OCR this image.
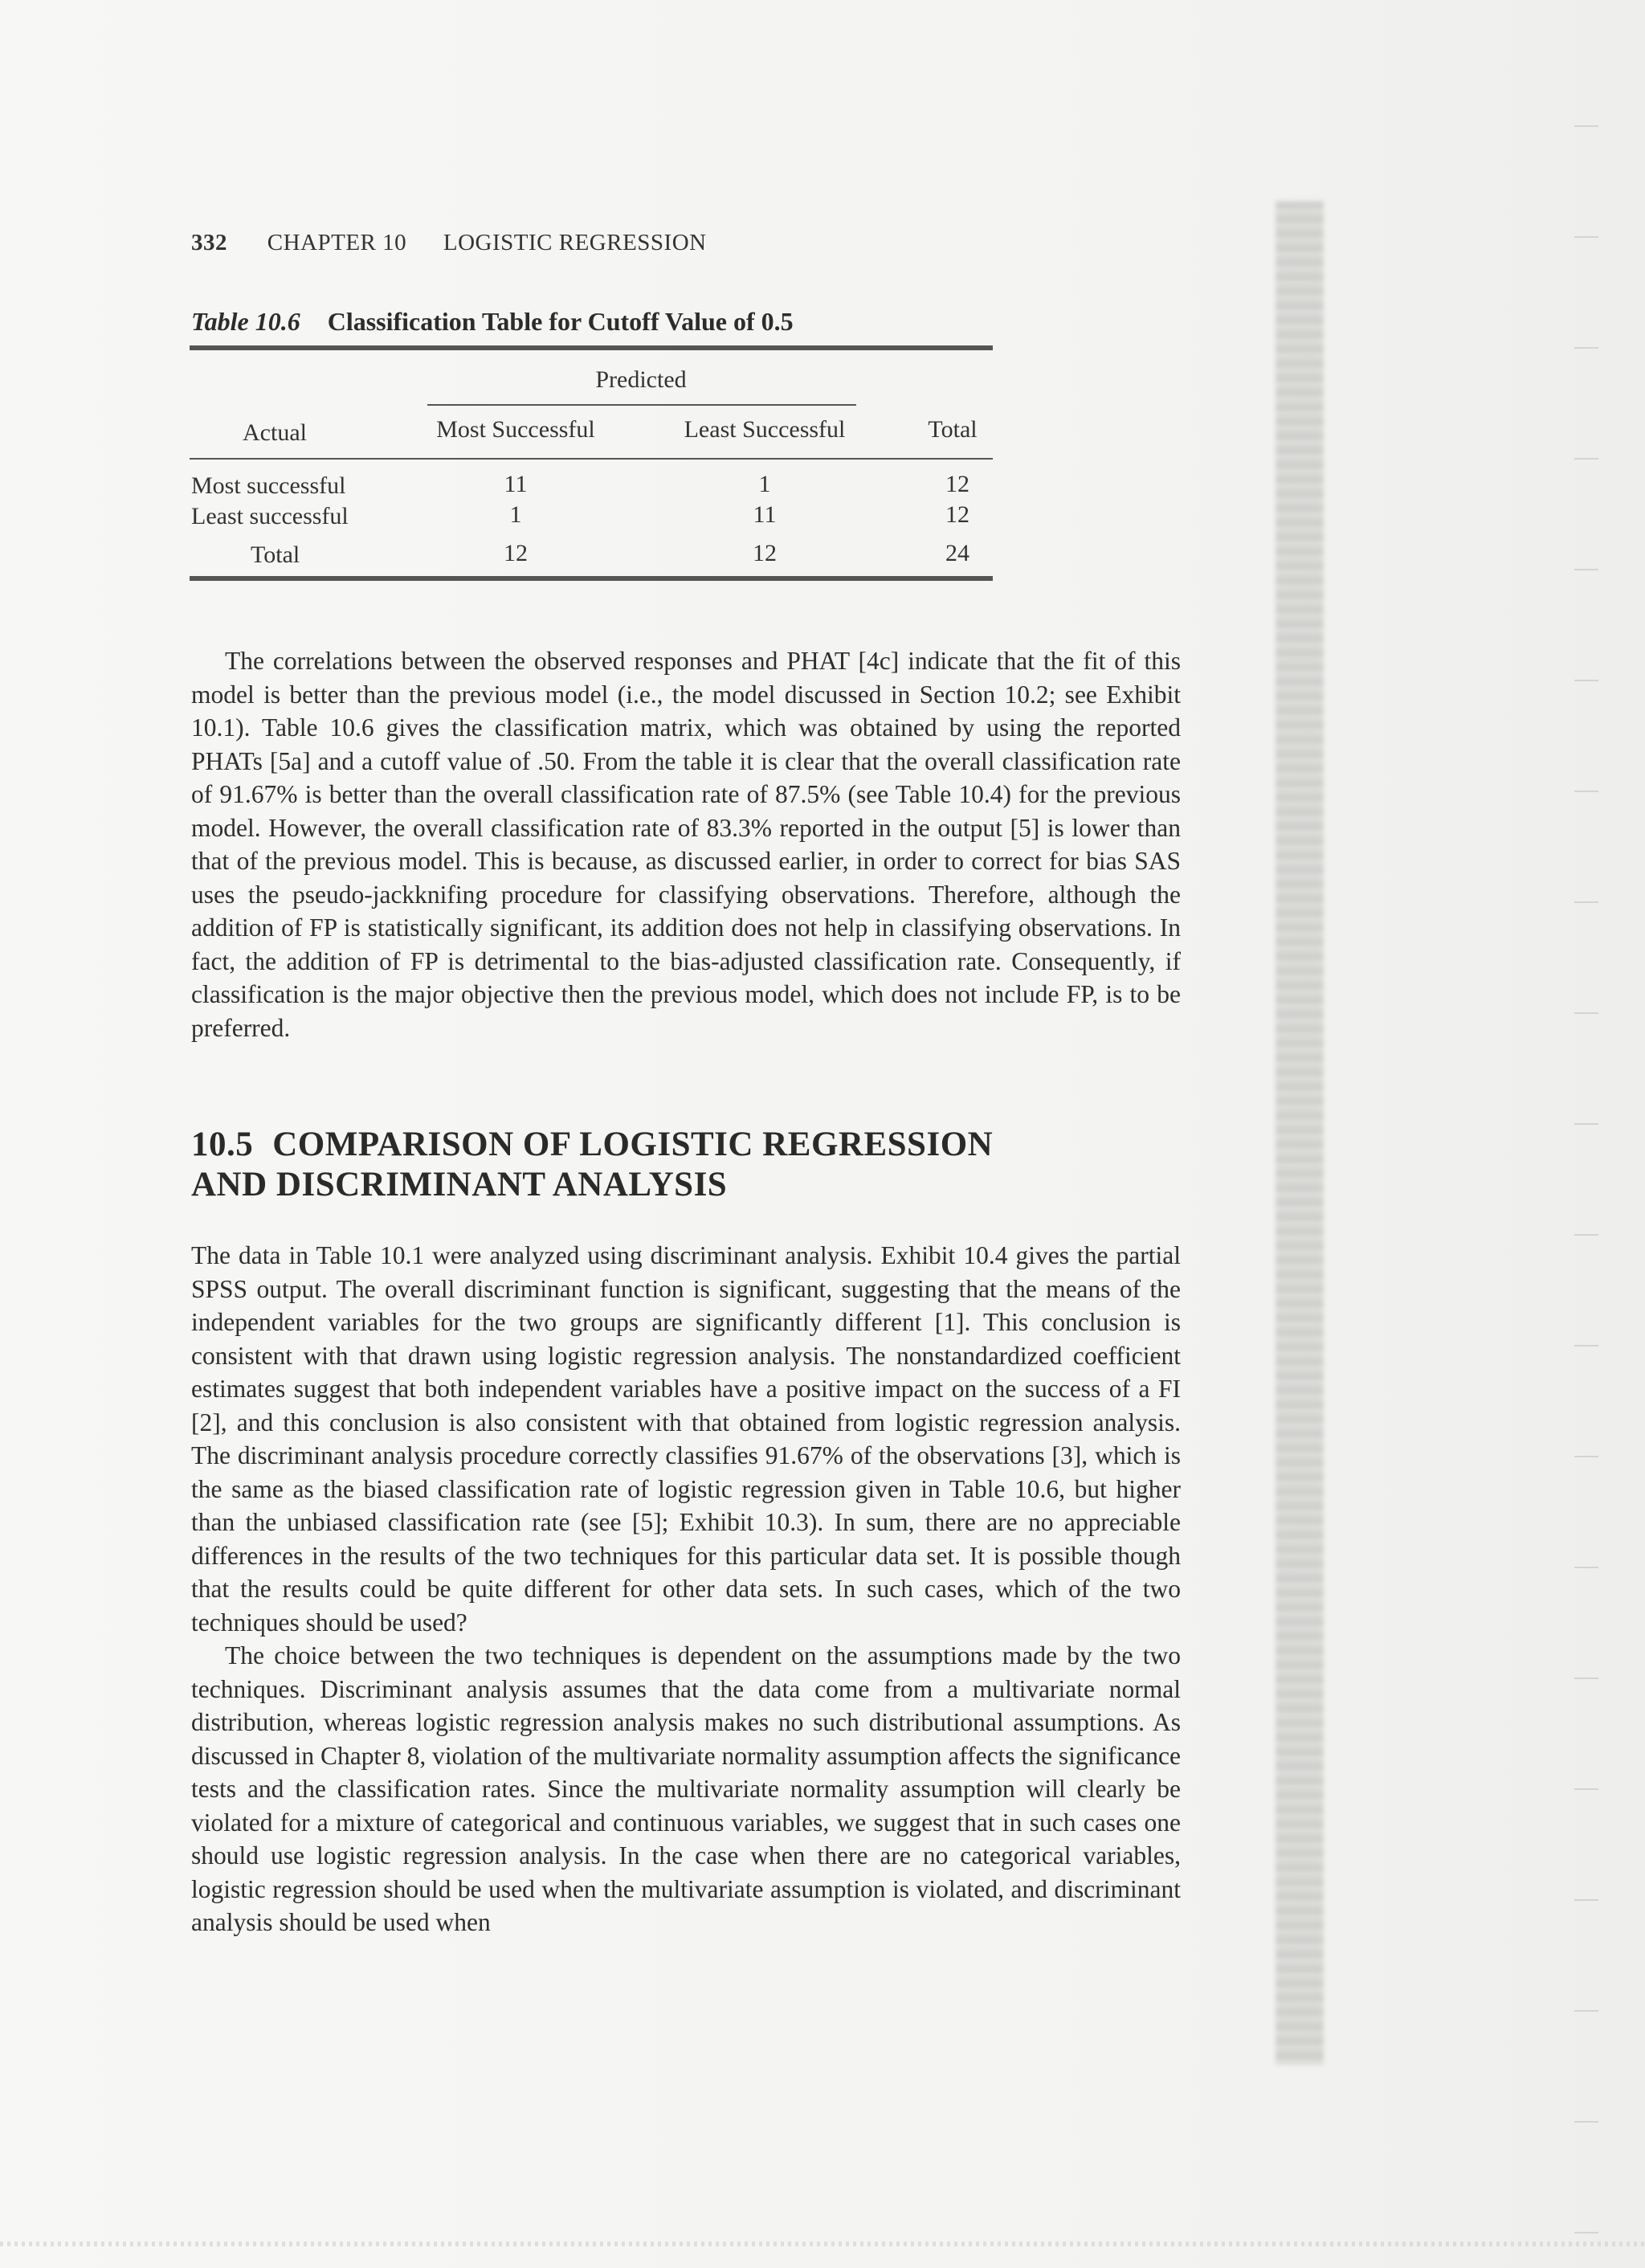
332 CHAPTER 10 LOGISTIC REGRESSION
Table 10.6 Classification Table for Cutoff Value of 0.5
Predicted
Actual	Most Successful	Least Successful	Total
Most successful	11	1	12
Least successful	1	11	12
Total	12	12	24

The correlations between the observed responses and PHAT [4c] indicate that the fit of this model is better than the previous model (i.e., the model discussed in Section 10.2; see Exhibit 10.1). Table 10.6 gives the classification matrix, which was obtained by using the reported PHATs [5a] and a cutoff value of .50. From the table it is clear that the overall classification rate of 91.67% is better than the overall classification rate of 87.5% (see Table 10.4) for the previous model. However, the overall classification rate of 83.3% reported in the output [5] is lower than that of the previous model. This is because, as discussed earlier, in order to correct for bias SAS uses the pseudo-jackknifing procedure for classifying observations. Therefore, although the addition of FP is statistically significant, its addition does not help in classifying observations. In fact, the addition of FP is detrimental to the bias-adjusted classification rate. Consequently, if classification is the major objective then the previous model, which does not include FP, is to be preferred.

10.5 COMPARISON OF LOGISTIC REGRESSION
AND DISCRIMINANT ANALYSIS

The data in Table 10.1 were analyzed using discriminant analysis. Exhibit 10.4 gives the partial SPSS output. The overall discriminant function is significant, suggesting that the means of the independent variables for the two groups are significantly different [1]. This conclusion is consistent with that drawn using logistic regression analysis. The nonstandardized coefficient estimates suggest that both independent variables have a positive impact on the success of a FI [2], and this conclusion is also consistent with that obtained from logistic regression analysis. The discriminant analysis procedure correctly classifies 91.67% of the observations [3], which is the same as the biased classification rate of logistic regression given in Table 10.6, but higher than the unbiased classification rate (see [5]; Exhibit 10.3). In sum, there are no appreciable differences in the results of the two techniques for this particular data set. It is possible though that the results could be quite different for other data sets. In such cases, which of the two techniques should be used?

The choice between the two techniques is dependent on the assumptions made by the two techniques. Discriminant analysis assumes that the data come from a multivariate normal distribution, whereas logistic regression analysis makes no such distributional assumptions. As discussed in Chapter 8, violation of the multivariate normality assumption affects the significance tests and the classification rates. Since the multivariate normality assumption will clearly be violated for a mixture of categorical and continuous variables, we suggest that in such cases one should use logistic regression analysis. In the case when there are no categorical variables, logistic regression should be used when the multivariate assumption is violated, and discriminant analysis should be used when
